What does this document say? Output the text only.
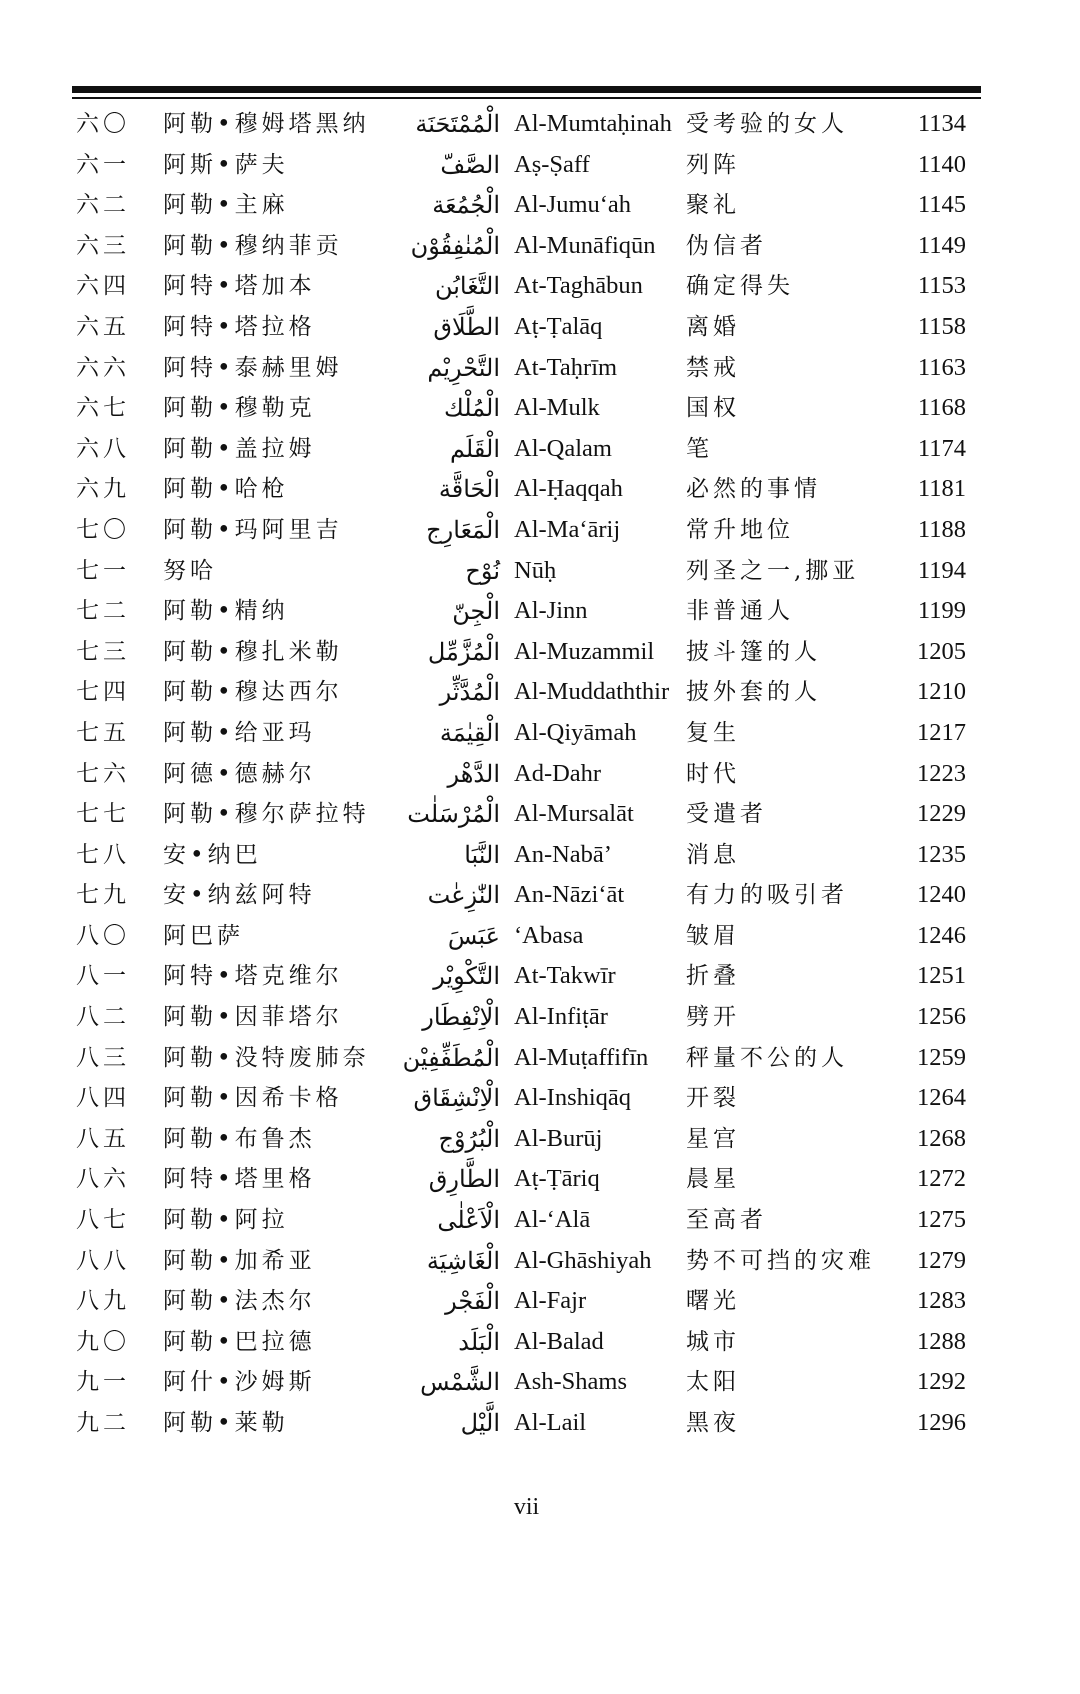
六〇 阿勒•穆姆塔黑纳 الْمُمْتَحَنَة Al-Mumtaḥinah 受考验的女人	1134
六一 阿斯•萨夫	الصَّفّ Aṣ-Ṣaff	列阵	1140
六二 阿勒•主麻	الْجُمُعَة Al-Jumu‘ah 聚礼	1145
六三 阿勒•穆纳菲贡	الْمُنٰفِقُوْن Al-Munāfiqūn 伪信者	1149
六四 阿特•塔加本	التَّغَابُن At-Taghābun 确定得失	1153
六五 阿特•塔拉格	الطَّلَاق Aṭ-Ṭalāq	离婚	1158
六六 阿特•泰赫里姆	التَّحْرِيْم At-Taḥrīm	禁戒	1163
六七 阿勒•穆勒克	الْمُلْك Al-Mulk	国权	1168
六八 阿勒•盖拉姆	الْقَلَم Al-Qalam	笔	1174
六九 阿勒•哈枪	الْحَاقَّة Al-Ḥaqqah	必然的事情	1181
七〇 阿勒•玛阿里吉	الْمَعَارِج Al-Ma‘ārij	常升地位	1188
七一 努哈	نُوْح Nūḥ	列圣之一,挪亚 1194
七二 阿勒•精纳	الْجِنّ Al-Jinn	非普通人	1199
七三 阿勒•穆扎米勒	الْمُزَّمِّل Al-Muzammil 披斗篷的人	1205
七四 阿勒•穆达西尔	الْمُدَّثِّر Al-Muddaththir 披外套的人	1210
七五 阿勒•给亚玛	الْقِيٰمَة Al-Qiyāmah 复生	1217
七六 阿德•德赫尔	الدَّهْر Ad-Dahr	时代	1223
七七 阿勒•穆尔萨拉特 الْمُرْسَلٰت Al-Mursalāt 受遣者	1229
七八 安•纳巴	النَّبَا An-Nabā’	消息	1235
七九 安•纳兹阿特	النّٰزِعٰت An-Nāzi‘āt	有力的吸引者	1240
八〇 阿巴萨	عَبَسَ ‘Abasa	皱眉	1246
八一 阿特•塔克维尔	التَّكْوِيْر At-Takwīr	折叠	1251
八二 阿勒•因菲塔尔	الْاِنْفِطَار Al-Infiṭār	劈开	1256
八三 阿勒•没特废肺奈 الْمُطَفِّفِيْن Al-Muṭaffifīn 秤量不公的人	1259
八四 阿勒•因希卡格	الْاِنْشِقَاق Al-Inshiqāq 开裂	1264
八五 阿勒•布鲁杰	الْبُرُوْج Al-Burūj	星宫	1268
八六 阿特•塔里格	الطَّارِق Aṭ-Ṭāriq	晨星	1272
八七 阿勒•阿拉	الْاَعْلٰى Al-‘Alā	至高者	1275
八八 阿勒•加希亚	الْغَاشِيَة Al-Ghāshiyah 势不可挡的灾难 1279
八九 阿勒•法杰尔	الْفَجْر Al-Fajr	曙光	1283
九〇 阿勒•巴拉德	الْبَلَد Al-Balad	城市	1288
九一 阿什•沙姆斯	الشَّمْس Ash-Shams	太阳	1292
九二 阿勒•莱勒	الَّيْل Al-Lail	黑夜	1296
vii
